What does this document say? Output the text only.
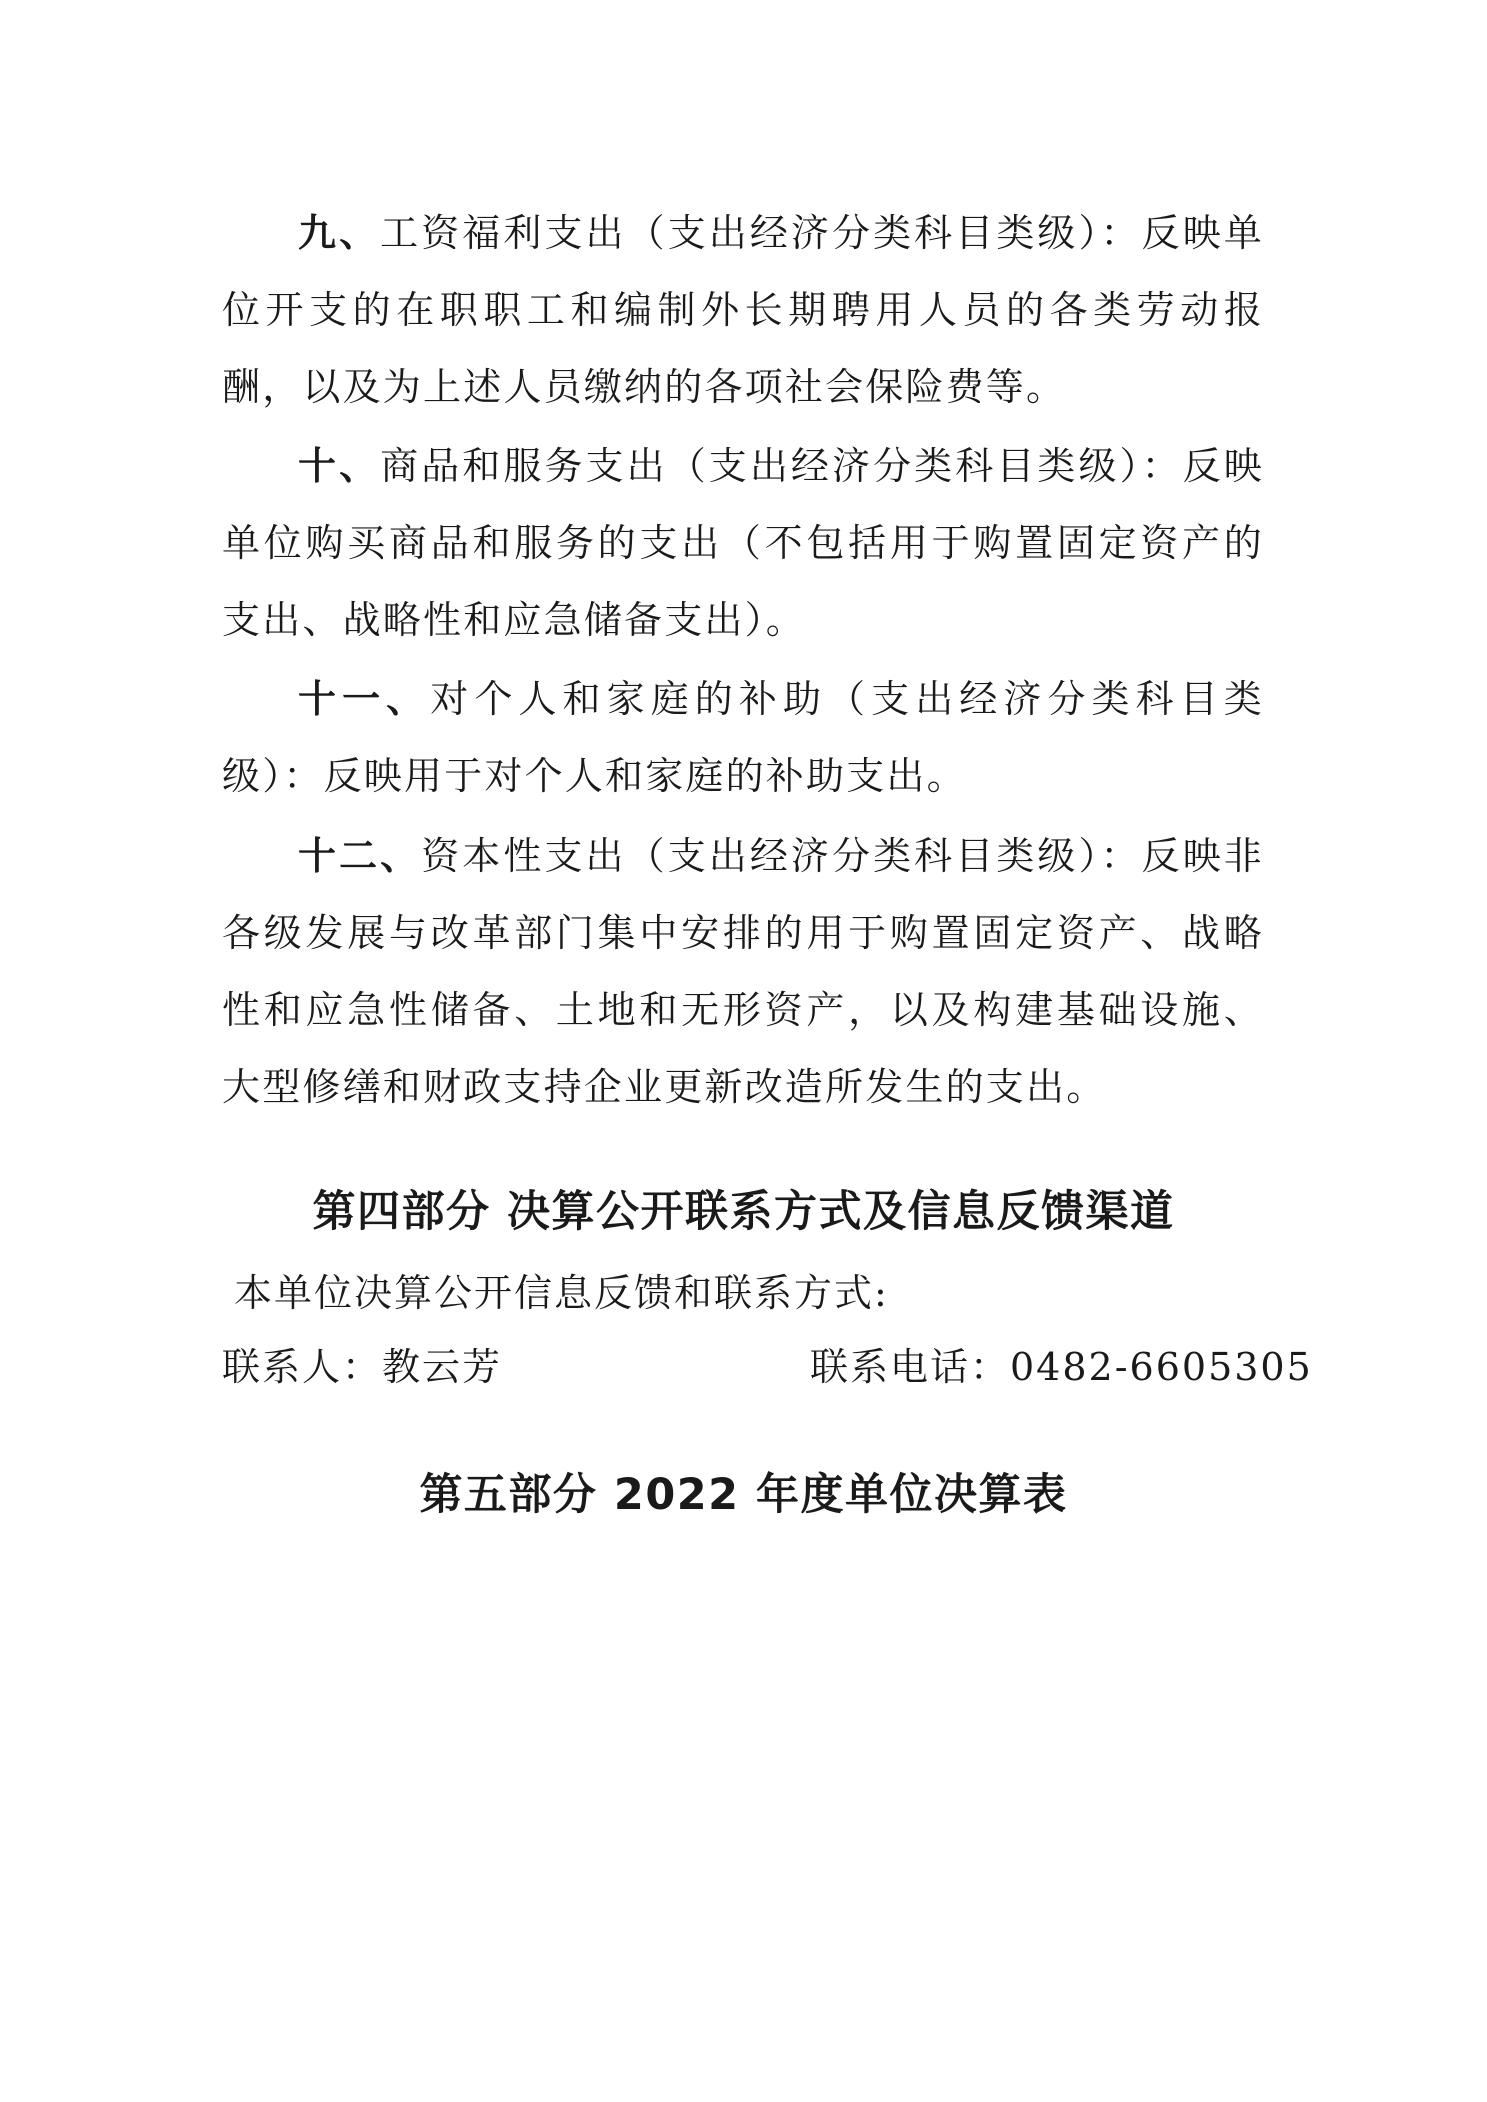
九、工资福利支出（支出经济分类科目类级）：反映单位开支的在职职工和编制外长期聘用人员的各类劳动报酬，以及为上述人员缴纳的各项社会保险费等。

十、商品和服务支出（支出经济分类科目类级）：反映单位购买商品和服务的支出（不包括用于购置固定资产的支出、战略性和应急储备支出）。

十一、对个人和家庭的补助（支出经济分类科目类级）：反映用于对个人和家庭的补助支出。

十二、资本性支出（支出经济分类科目类级）：反映非各级发展与改革部门集中安排的用于购置固定资产、战略性和应急性储备、土地和无形资产，以及构建基础设施、大型修缮和财政支持企业更新改造所发生的支出。

第四部分 决算公开联系方式及信息反馈渠道

本单位决算公开信息反馈和联系方式:

联系人：教云芳	联系电话：0482-6605305

第五部分 2022 年度单位决算表
